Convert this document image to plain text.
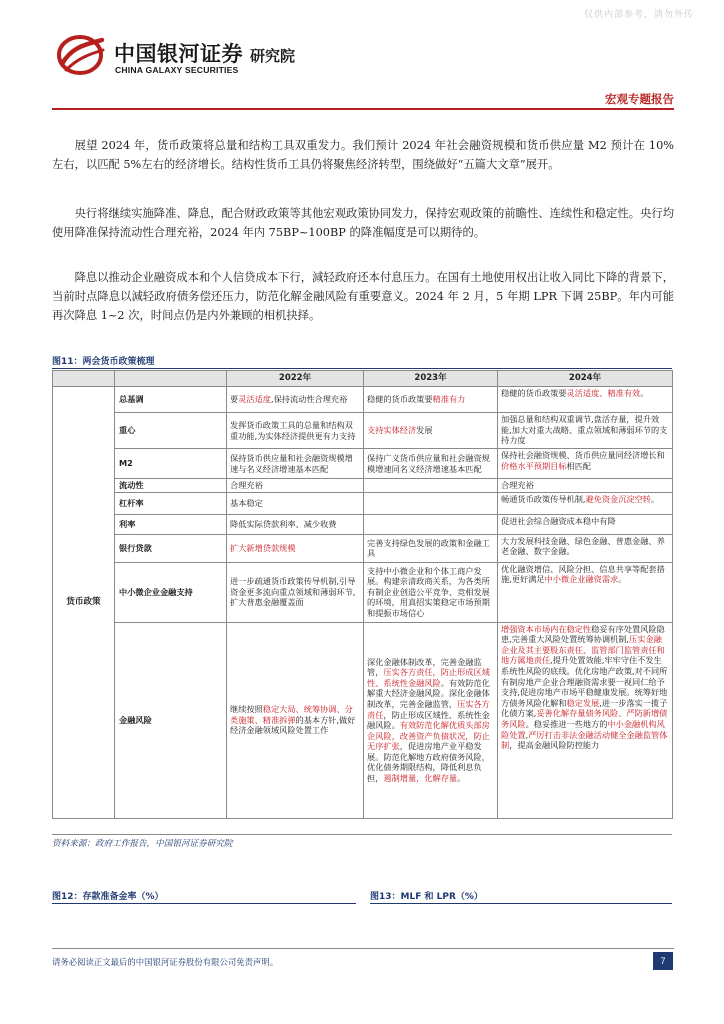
仅供内部参考，请勿外传
中国银河证券
CHINA GALAXY SECURITIES
研究院
宏观专题报告

展望 2024 年，货币政策将总量和结构工具双重发力。我们预计 2024 年社会融资规模和货币供应量 M2 预计在 10%左右，以匹配 5%左右的经济增长。结构性货币工具仍将聚焦经济转型，围绕做好“五篇大文章”展开。

央行将继续实施降准、降息，配合财政政策等其他宏观政策协同发力，保持宏观政策的前瞻性、连续性和稳定性。央行均使用降准保持流动性合理充裕，2024 年内 75BP~100BP 的降准幅度是可以期待的。

降息以推动企业融资成本和个人信贷成本下行，減轻政府还本付息压力。在国有土地使用权出让收入同比下降的背景下，当前时点降息以減轻政府债务偿还压力，防范化解金融风险有重要意义。2024 年 2 月，5 年期 LPR 下调 25BP。年内可能再次降息 1~2 次，时间点仍是内外兼顾的相机抉择。

图11：两会货币政策梳理
		2022年	2023年	2024年
货币政策	总基调	要灵活适度,保持流动性合理充裕	稳健的货币政策要精准有力	稳健的货币政策要灵活适度、精准有效。
	重心	发挥货币政策工具的总量和结构双重功能,为实体经济提供更有力支持	支持实体经济发展	加强总量和结构双重调节,盘活存量，提升效能,加大对重大战略、重点领域和薄弱环节的支持力度
	M2	保持货币供应量和社会融资规模增速与名义经济增速基本匹配	保持广义货币供应量和社会融资规模增速同名义经济增速基本匹配	保持社会融资规模、货币供应量同经济增长和价格水平预期目标相匹配
	流动性	合理充裕		合理充裕
	杠杆率	基本稳定		畅通货币政策传导机制,避免资金沉淀空转。
	利率	降低实际贷款利率、减少收费		促进社会综合融资成本稳中有降
	银行贷款	扩大新增贷款规模	完善支持绿色发展的政策和金融工具	大力发展科技金融、绿色金融、普惠金融、养老金融、数字金融。
	中小微企业金融支持	进一步疏通货币政策传导机制,引导资金更多流向重点领域和薄弱环节,扩大普惠金融覆盖面	支持中小微企业和个体工商户发展。构建亲清政商关系，为各类所有制企业创造公平竞争、竞相发展的环境，用真招实策稳定市场预期和提振市场信心	优化融资增信、风险分担、信息共享等配套措施,更好满足中小微企业融资需求。
	金融风险	继续按照稳定大局、统筹协调、分类施策、精准拆弹的基本方针,做好经济金融领域风险处置工作	深化金融体制改革，完善金融监管，压实各方责任，防止形成区域性、系统性金融风险。有效防范化解重大经济金融风险。深化金融体制改革，完善金融监管，压实各方责任，防止形成区域性、系统性金融风险。有效防范化解优质头部房企风险，改善资产负债状况，防止无序扩张，促进房地产业平稳发展。防范化解地方政府债务风险，优化债务期限结构，降低利息负担，遏制增量，化解存量。	增强资本市场内在稳定性稳妥有序处置风险隐患,完善重大风险处置统筹协调机制,压实金融企业及其主要股东责任、监管部门监管责任和地方属地责任,提升处置效能,牢牢守住不发生系统性风险的底线。优化房地产政策,对不同所有制房地产企业合理融资需求要一视同仁给予支持,促进房地产市场平稳健康发展。统筹好地方债务风险化解和稳定发展,进一步落实一揽子化债方案,妥善化解存量债务风险、严防新增债务风险。稳妥推进一些地方的中小金融机构风险处置,严厉打击非法金融活动健全金融监管体制，提高金融风险防控能力
资料来源：政府工作报告，中国银河证券研究院
图12：存款准备金率（%）	图13：MLF 和 LPR（%）
请务必阅读正文最后的中国银河证券股份有限公司免责声明。	7
